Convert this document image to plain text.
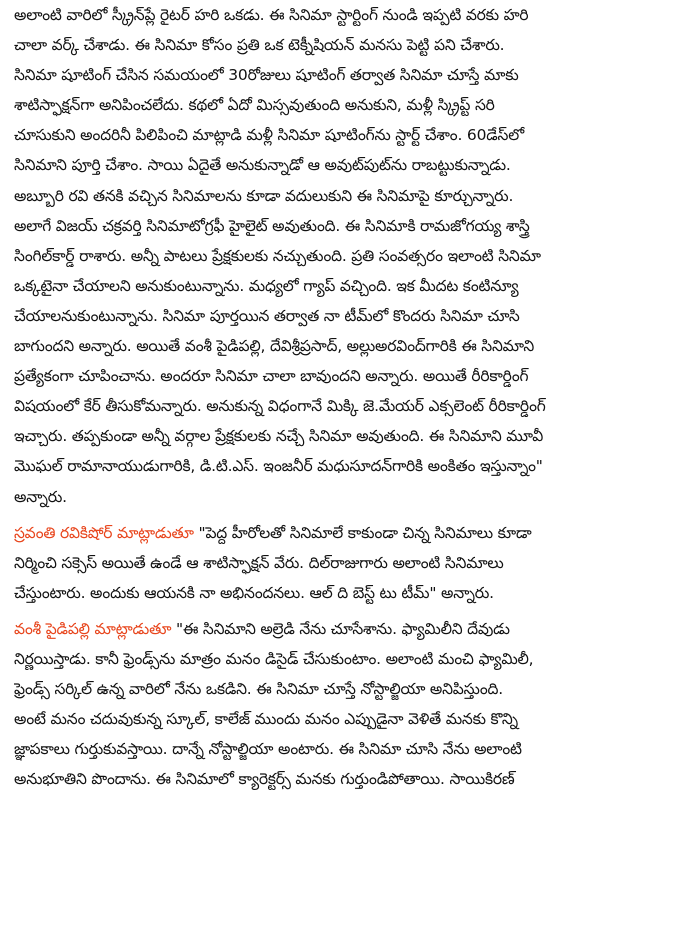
అలాంటి వారిలో స్క్రీన్‌ప్లే రైటర్ హరి ఒకడు. ఈ సినిమా స్టార్టింగ్ నుండి ఇప్పటి వరకు హరి
చాలా వర్క్ చేశాడు. ఈ సినిమా కోసం ప్రతి ఒక టెక్నీషియన్ మనసు పెట్టి పని చేశారు.
సినిమా షూటింగ్ చేసిన సమయంలో 30రోజులు షూటింగ్ తర్వాత సినిమా చూస్తే మాకు
శాటిస్ఫాక్షన్‌గా అనిపించలేదు. కథలో ఏదో మిస్సవుతుంది అనుకుని, మళ్లీ స్క్రిప్ట్ సరి
చూసుకుని అందరినీ పిలిపించి మాట్లాడి మళ్లీ సినిమా షూటింగ్‌ను స్టార్ట్ చేశాం. 60డేస్‌లో
సినిమాని పూర్తి చేశాం. సాయి ఏదైతే అనుకున్నాడో ఆ అవుట్‌పుట్‌ను రాబట్టుకున్నాడు.
అబ్బూరి రవి తనకి వచ్చిన సినిమాలను కూడా వదులుకుని ఈ సినిమాపై కూర్చున్నారు.
అలాగే విజయ్ చక్రవర్తి సినిమాటోగ్రఫీ హైలైట్ అవుతుంది. ఈ సినిమాకి రామజోగయ్య శాస్త్రి
సింగిల్‌కార్డ్ రాశారు. అన్నీ పాటలు ప్రేక్షకులకు నచ్చుతుంది. ప్రతి సంవత్సరం ఇలాంటి సినిమా
ఒక్కటైనా చేయాలని అనుకుంటున్నాను. మధ్యలో గ్యాప్ వచ్చింది. ఇక మీదట కంటిన్యూ
చేయాలనుకుంటున్నాను. సినిమా పూర్తయిన తర్వాత నా టీమ్‌లో కొందరు సినిమా చూసి
బాగుందని అన్నారు. అయితే వంశీ పైడిపల్లి, దేవిశ్రీప్రసాద్, అల్లుఅరవింద్‌గారికి ఈ సినిమాని
ప్రత్యేకంగా చూపించాను. అందరూ సినిమా చాలా బావుందని అన్నారు. అయితే రీరికార్డింగ్
విషయంలో కేర్ తీసుకోమన్నారు. అనుకున్న విధంగానే మిక్కి జె.మేయర్ ఎక్సలెంట్ రీరికార్డింగ్
ఇచ్చారు. తప్పకుండా అన్నీ వర్గాల ప్రేక్షకులకు నచ్చే సినిమా అవుతుంది. ఈ సినిమాని మూవీ
మొఘల్ రామానాయుడుగారికి, డి.టి.ఎస్. ఇంజనీర్ మధుసూదన్‌గారికి అంకితం ఇస్తున్నాం"
అన్నారు.
స్రవంతి రవికిషోర్ మాట్లాడుతూ "పెద్ద హీరోలతో సినిమాలే కాకుండా చిన్న సినిమాలు కూడా
నిర్మించి సక్సెస్ అయితే ఉండే ఆ శాటిస్ఫాక్షన్ వేరు. దిల్‌రాజుగారు అలాంటి సినిమాలు
చేస్తుంటారు. అందుకు ఆయనకి నా అభినందనలు. ఆల్ ది బెస్ట్ టు టీమ్" అన్నారు.
వంశీ పైడిపల్లి మాట్లాడుతూ "ఈ సినిమాని అల్రెడి నేను చూసేశాను. ఫ్యామిలీని దేవుడు
నిర్ణయిస్తాడు. కానీ ఫ్రెండ్స్‌ను మాత్రం మనం డిసైడ్ చేసుకుంటాం. అలాంటి మంచి ఫ్యామిలీ,
ఫ్రెండ్స్ సర్కిల్ ఉన్న వారిలో నేను ఒకడిని. ఈ సినిమా చూస్తే నోస్టాల్జియా అనిపిస్తుంది.
అంటే మనం చదువుకున్న స్కూల్, కాలేజ్ ముందు మనం ఎప్పుడైనా వెళితే మనకు కొన్ని
జ్ఞాపకాలు గుర్తుకువస్తాయి. దాన్నే నోస్టాల్జియా అంటారు. ఈ సినిమా చూసి నేను అలాంటి
అనుభూతిని పొందాను. ఈ సినిమాలో క్యారెక్టర్స్ మనకు గుర్తుండిపోతాయి. సాయికిరణ్
